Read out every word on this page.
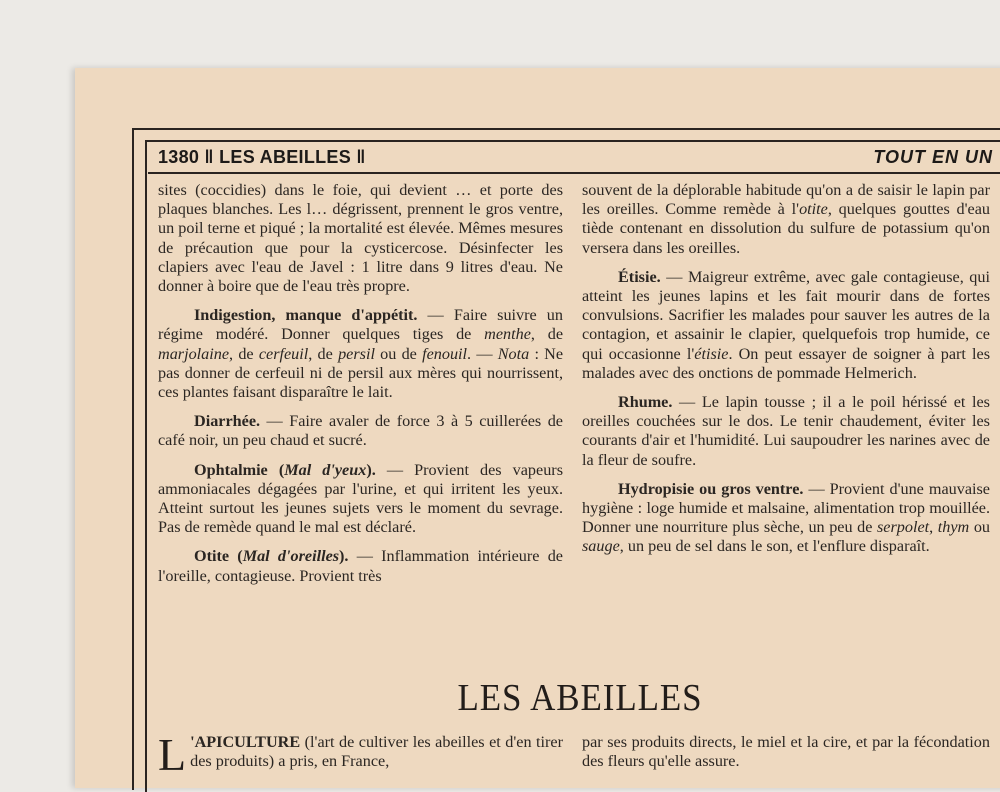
1380 ‖ LES ABEILLES ‖	TOUT EN UN

sites (coccidies) dans le foie, qui devient … et porte des plaques blanches. Les l… dégrissent, prennent le gros ventre, un poil terne et piqué ; la mortalité est élevée. Mêmes mesures de précaution que pour la cysticercose. Désinfecter les clapiers avec l'eau de Javel : 1 litre dans 9 litres d'eau. Ne donner à boire que de l'eau très propre.

Indigestion, manque d'appétit. — Faire suivre un régime modéré. Donner quelques tiges de menthe, de marjolaine, de cerfeuil, de persil ou de fenouil. — Nota : Ne pas donner de cerfeuil ni de persil aux mères qui nourrissent, ces plantes faisant disparaître le lait.

Diarrhée. — Faire avaler de force 3 à 5 cuillerées de café noir, un peu chaud et sucré.

Ophtalmie (Mal d'yeux). — Provient des vapeurs ammoniacales dégagées par l'urine, et qui irritent les yeux. Atteint surtout les jeunes sujets vers le moment du sevrage. Pas de remède quand le mal est déclaré.

Otite (Mal d'oreilles). — Inflammation intérieure de l'oreille, contagieuse. Provient très

souvent de la déplorable habitude qu'on a de saisir le lapin par les oreilles. Comme remède à l'otite, quelques gouttes d'eau tiède contenant en dissolution du sulfure de potassium qu'on versera dans les oreilles.

Étisie. — Maigreur extrême, avec gale contagieuse, qui atteint les jeunes lapins et les fait mourir dans de fortes convulsions. Sacrifier les malades pour sauver les autres de la contagion, et assainir le clapier, quelquefois trop humide, ce qui occasionne l'étisie. On peut essayer de soigner à part les malades avec des onctions de pommade Helmerich.

Rhume. — Le lapin tousse ; il a le poil hérissé et les oreilles couchées sur le dos. Le tenir chaudement, éviter les courants d'air et l'humidité. Lui saupoudrer les narines avec de la fleur de soufre.

Hydropisie ou gros ventre. — Provient d'une mauvaise hygiène : loge humide et malsaine, alimentation trop mouillée. Donner une nourriture plus sèche, un peu de serpolet, thym ou sauge, un peu de sel dans le son, et l'enflure disparaît.

LES ABEILLES
L 'APICULTURE (l'art de cultiver les abeilles et d'en tirer des produits) a pris, en France,
par ses produits directs, le miel et la cire, et par la fécondation des fleurs qu'elle assure.
